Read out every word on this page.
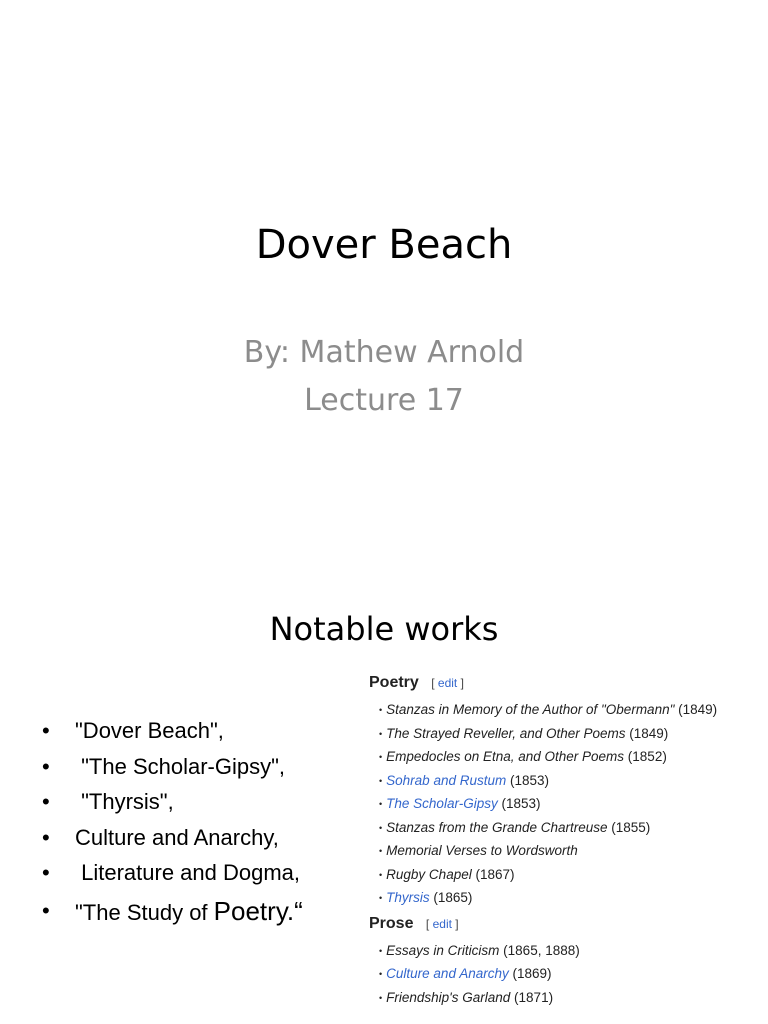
Dover Beach
By: Mathew Arnold
Lecture 17
Notable works
• "Dover Beach",
• "The Scholar-Gipsy",
• "Thyrsis",
• Culture and Anarchy,
• Literature and Dogma,
• "The Study of Poetry.“
Poetry [ edit ]
• Stanzas in Memory of the Author of "Obermann" (1849)
• The Strayed Reveller, and Other Poems (1849)
• Empedocles on Etna, and Other Poems (1852)
• Sohrab and Rustum (1853)
• The Scholar-Gipsy (1853)
• Stanzas from the Grande Chartreuse (1855)
• Memorial Verses to Wordsworth
• Rugby Chapel (1867)
• Thyrsis (1865)
Prose [ edit ]
• Essays in Criticism (1865, 1888)
• Culture and Anarchy (1869)
• Friendship's Garland (1871)
